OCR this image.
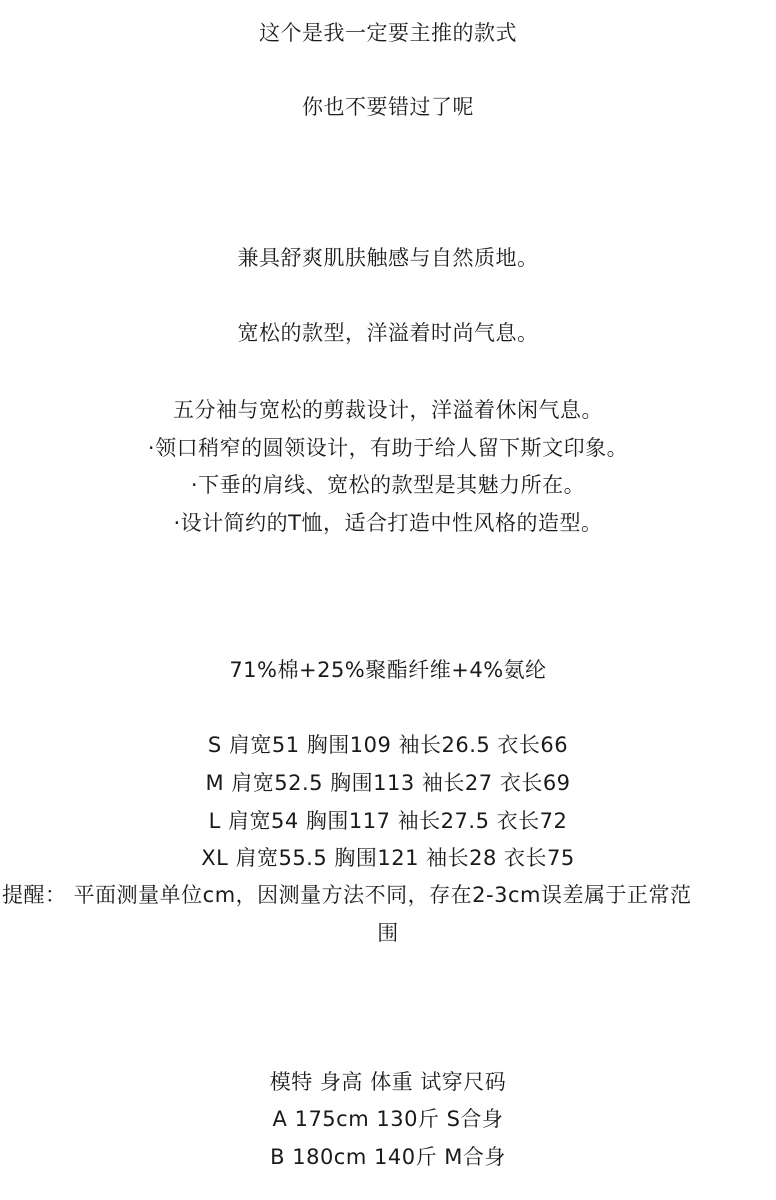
这个是我一定要主推的款式
你也不要错过了呢
兼具舒爽肌肤触感与自然质地。
宽松的款型，洋溢着时尚气息。
五分袖与宽松的剪裁设计，洋溢着休闲气息。
·领口稍窄的圆领设计，有助于给人留下斯文印象。
·下垂的肩线、宽松的款型是其魅力所在。
·设计简约的T恤，适合打造中性风格的造型。
71%棉+25%聚酯纤维+4%氨纶
S 肩宽51 胸围109 袖长26.5 衣长66
M 肩宽52.5 胸围113 袖长27 衣长69
L 肩宽54 胸围117 袖长27.5 衣长72
XL 肩宽55.5 胸围121 袖长28 衣长75
提醒： 平面测量单位cm，因测量方法不同，存在2-3cm误差属于正常范
围
模特 身高 体重 试穿尺码
A 175cm 130斤 S合身
B 180cm 140斤 M合身
